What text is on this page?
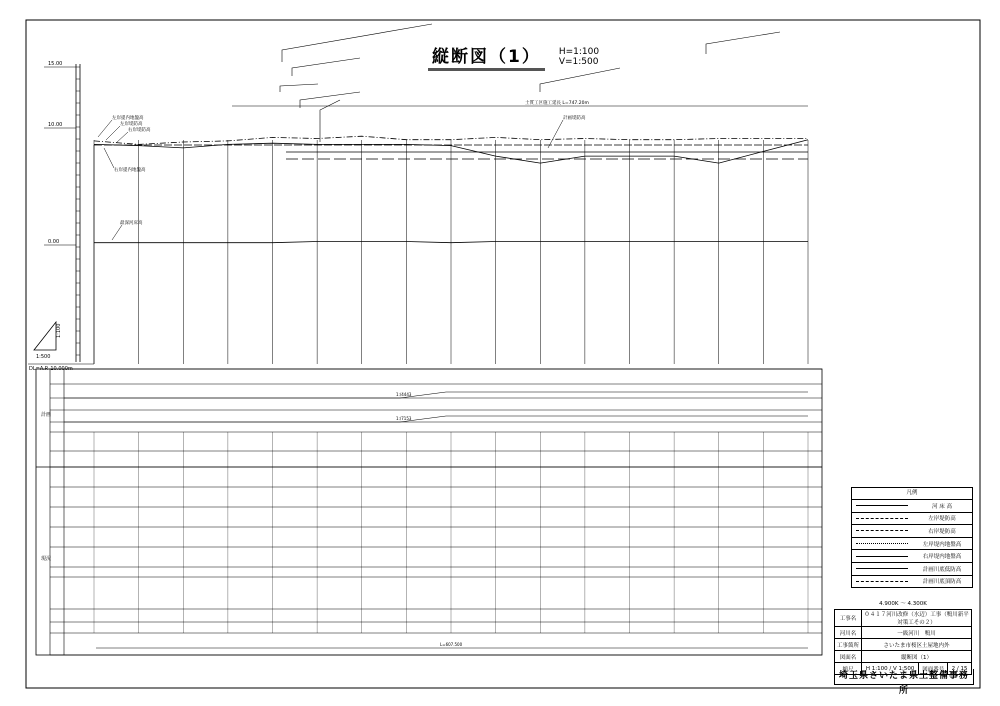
15.00
10.00
0.00
1:500
1:100
DL=A.P.-10.000m
土質工区施工延長 L=747.20m
左岸提内地盤高
左岸堤防高
右岸堤防高
右岸提内地盤高
計画堤防高
最深河床高
計画
現況
1:/4443
1:/7153
L=607.500
縦断図（1）	H=1:100
V=1:500
凡例
河 床 高
左岸堤防高
右岸堤防高
左岸堤内地盤高
右岸堤内地盤高
計画川底低防高
計画川底頂防高
4.900K ～ 4.300K
工事名	０４１７河川改修（水辺）工事（鴨川新平対策工その２）		
河川名	一級河川　鴨川		
工事箇所	さいたま市桜区土屋地内外		
図面名	縦断図（1）		
縮尺	H 1:100 / V 1:500	図面番号	2 / 15
埼玉県さいたま県土整備事務所
